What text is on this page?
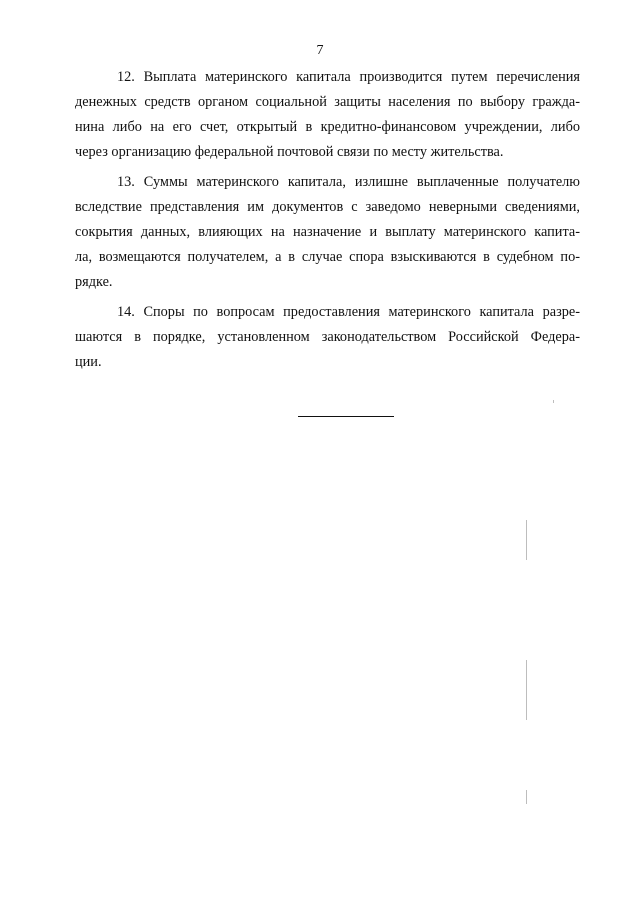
7

12. Выплата материнского капитала производится путем перечисления
денежных средств органом социальной защиты населения по выбору гражда-
нина либо на его счет, открытый в кредитно-финансовом учреждении, либо
через организацию федеральной почтовой связи по месту жительства.

13. Суммы материнского капитала, излишне выплаченные получателю
вследствие представления им документов с заведомо неверными сведениями,
сокрытия данных, влияющих на назначение и выплату материнского капита-
ла, возмещаются получателем, а в случае спора взыскиваются в судебном по-
рядке.

14. Споры по вопросам предоставления материнского капитала разре-
шаются в порядке, установленном законодательством Российской Федера-
ции.
